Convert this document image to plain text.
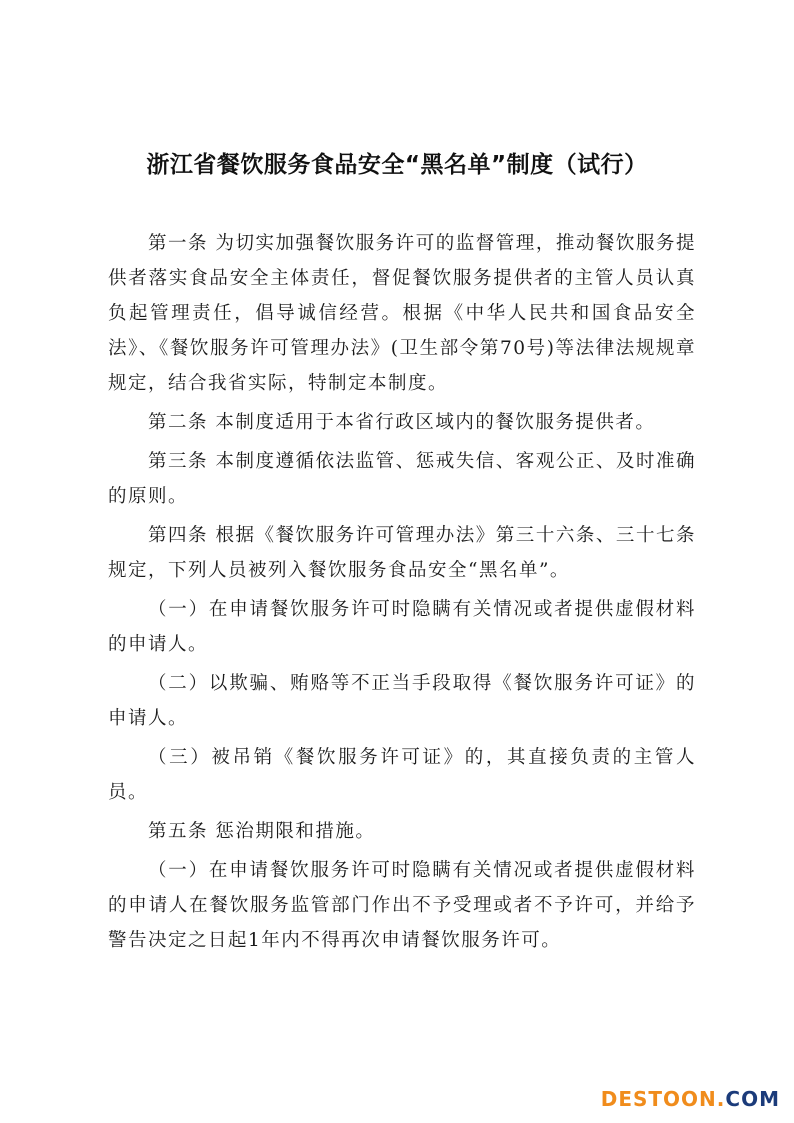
浙江省餐饮服务食品安全“黑名单”制度（试行）

第一条 为切实加强餐饮服务许可的监督管理，推动餐饮服务提供者落实食品安全主体责任，督促餐饮服务提供者的主管人员认真负起管理责任，倡导诚信经营。根据《中华人民共和国食品安全法》、《餐饮服务许可管理办法》(卫生部令第70号)等法律法规规章规定，结合我省实际，特制定本制度。

第二条 本制度适用于本省行政区域内的餐饮服务提供者。

第三条 本制度遵循依法监管、惩戒失信、客观公正、及时准确的原则。

第四条 根据《餐饮服务许可管理办法》第三十六条、三十七条规定，下列人员被列入餐饮服务食品安全“黑名单”。

（一）在申请餐饮服务许可时隐瞒有关情况或者提供虚假材料的申请人。

（二）以欺骗、贿赂等不正当手段取得《餐饮服务许可证》的申请人。

（三）被吊销《餐饮服务许可证》的，其直接负责的主管人员。

第五条 惩治期限和措施。

（一）在申请餐饮服务许可时隐瞒有关情况或者提供虚假材料的申请人在餐饮服务监管部门作出不予受理或者不予许可，并给予警告决定之日起1年内不得再次申请餐饮服务许可。

DESTOON.COM
